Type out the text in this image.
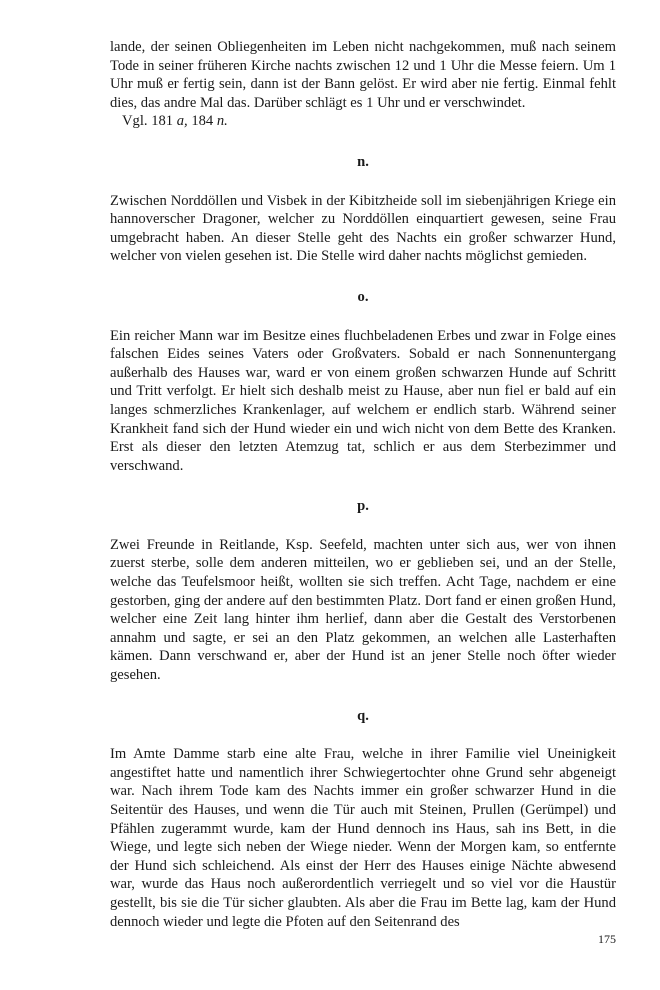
lande, der seinen Obliegenheiten im Leben nicht nachgekommen, muß nach seinem Tode in seiner früheren Kirche nachts zwischen 12 und 1 Uhr die Messe feiern. Um 1 Uhr muß er fertig sein, dann ist der Bann gelöst. Er wird aber nie fertig. Einmal fehlt dies, das andre Mal das. Darüber schlägt es 1 Uhr und er verschwindet.

Vgl. 181 a, 184 n.

n.

Zwischen Norddöllen und Visbek in der Kibitzheide soll im siebenjährigen Kriege ein hannoverscher Dragoner, welcher zu Norddöllen einquartiert gewesen, seine Frau umgebracht haben. An dieser Stelle geht des Nachts ein großer schwarzer Hund, welcher von vielen gesehen ist. Die Stelle wird daher nachts möglichst gemieden.

o.

Ein reicher Mann war im Besitze eines fluchbeladenen Erbes und zwar in Folge eines falschen Eides seines Vaters oder Großvaters. Sobald er nach Sonnenuntergang außerhalb des Hauses war, ward er von einem großen schwarzen Hunde auf Schritt und Tritt verfolgt. Er hielt sich deshalb meist zu Hause, aber nun fiel er bald auf ein langes schmerzliches Krankenlager, auf welchem er endlich starb. Während seiner Krankheit fand sich der Hund wieder ein und wich nicht von dem Bette des Kranken. Erst als dieser den letzten Atemzug tat, schlich er aus dem Sterbezimmer und verschwand.

p.

Zwei Freunde in Reitlande, Ksp. Seefeld, machten unter sich aus, wer von ihnen zuerst sterbe, solle dem anderen mitteilen, wo er geblieben sei, und an der Stelle, welche das Teufelsmoor heißt, wollten sie sich treffen. Acht Tage, nachdem er eine gestorben, ging der andere auf den bestimmten Platz. Dort fand er einen großen Hund, welcher eine Zeit lang hinter ihm herlief, dann aber die Gestalt des Verstorbenen annahm und sagte, er sei an den Platz gekommen, an welchen alle Lasterhaften kämen. Dann verschwand er, aber der Hund ist an jener Stelle noch öfter wieder gesehen.

q.

Im Amte Damme starb eine alte Frau, welche in ihrer Familie viel Uneinigkeit angestiftet hatte und namentlich ihrer Schwiegertochter ohne Grund sehr abgeneigt war. Nach ihrem Tode kam des Nachts immer ein großer schwarzer Hund in die Seitentür des Hauses, und wenn die Tür auch mit Steinen, Prullen (Gerümpel) und Pfählen zugerammt wurde, kam der Hund dennoch ins Haus, sah ins Bett, in die Wiege, und legte sich neben der Wiege nieder. Wenn der Morgen kam, so entfernte der Hund sich schleichend. Als einst der Herr des Hauses einige Nächte abwesend war, wurde das Haus noch außerordentlich verriegelt und so viel vor die Haustür gestellt, bis sie die Tür sicher glaubten. Als aber die Frau im Bette lag, kam der Hund dennoch wieder und legte die Pfoten auf den Seitenrand des

175
